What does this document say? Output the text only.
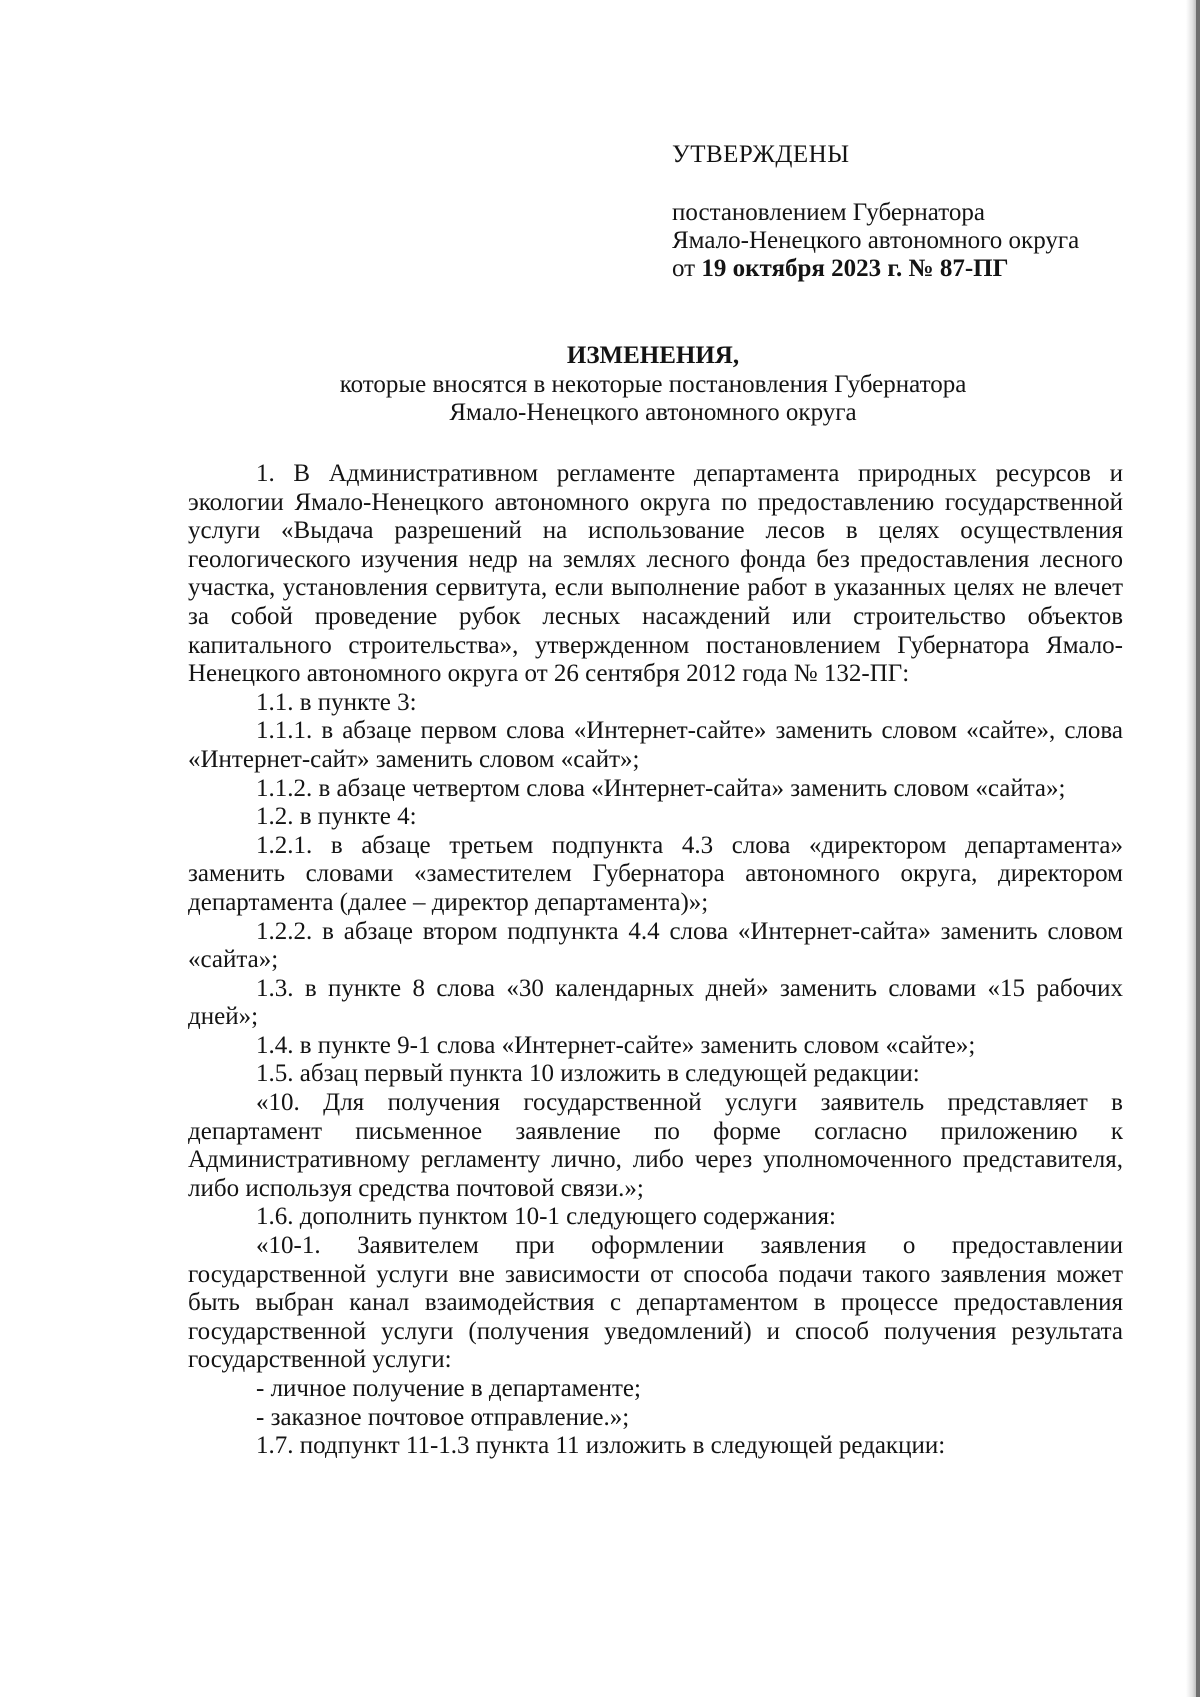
УТВЕРЖДЕНЫ

постановлением Губернатора

Ямало-Ненецкого автономного округа

от 19 октября 2023 г. № 87-ПГ

ИЗМЕНЕНИЯ,

которые вносятся в некоторые постановления Губернатора

Ямало-Ненецкого автономного округа

1. В Административном регламенте департамента природных ресурсов и экологии Ямало-Ненецкого автономного округа по предоставлению государственной услуги «Выдача разрешений на использование лесов в целях осуществления геологического изучения недр на землях лесного фонда без предоставления лесного участка, установления сервитута, если выполнение работ в указанных целях не влечет за собой проведение рубок лесных насаждений или строительство объектов капитального строительства», утвержденном постановлением Губернатора Ямало-Ненецкого автономного округа от 26 сентября 2012 года № 132-ПГ:

1.1. в пункте 3:

1.1.1. в абзаце первом слова «Интернет-сайте» заменить словом «сайте», слова «Интернет-сайт» заменить словом «сайт»;

1.1.2. в абзаце четвертом слова «Интернет-сайта» заменить словом «сайта»;

1.2. в пункте 4:

1.2.1. в абзаце третьем подпункта 4.3 слова «директором департамента» заменить словами «заместителем Губернатора автономного округа, директором департамента (далее – директор департамента)»;

1.2.2. в абзаце втором подпункта 4.4 слова «Интернет-сайта» заменить словом «сайта»;

1.3. в пункте 8 слова «30 календарных дней» заменить словами «15 рабочих дней»;

1.4. в пункте 9-1 слова «Интернет-сайте» заменить словом «сайте»;

1.5. абзац первый пункта 10 изложить в следующей редакции:

«10. Для получения государственной услуги заявитель представляет в департамент письменное заявление по форме согласно приложению к Административному регламенту лично, либо через уполномоченного представителя, либо используя средства почтовой связи.»;

1.6. дополнить пунктом 10-1 следующего содержания:

«10-1. Заявителем при оформлении заявления о предоставлении государственной услуги вне зависимости от способа подачи такого заявления может быть выбран канал взаимодействия с департаментом в процессе предоставления государственной услуги (получения уведомлений) и способ получения результата государственной услуги:

- личное получение в департаменте;

- заказное почтовое отправление.»;

1.7. подпункт 11-1.3 пункта 11 изложить в следующей редакции:
